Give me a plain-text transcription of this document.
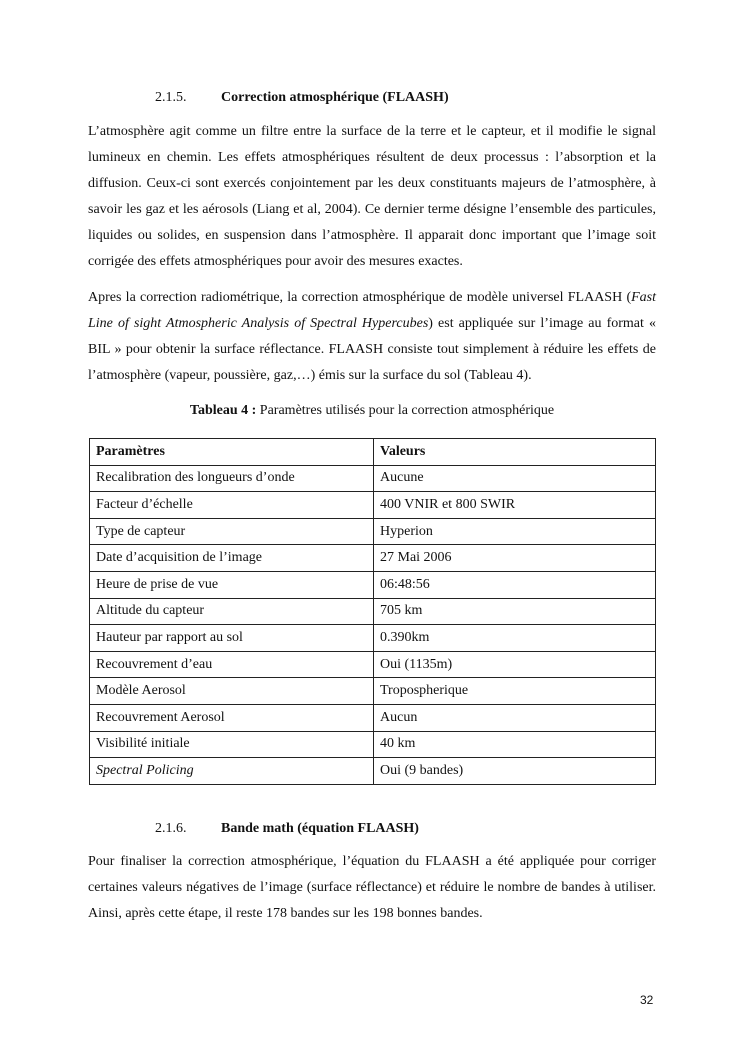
2.1.5. Correction atmosphérique (FLAASH)

L’atmosphère agit comme un filtre entre la surface de la terre et le capteur, et il modifie le signal lumineux en chemin. Les effets atmosphériques résultent de deux processus : l’absorption et la diffusion. Ceux-ci sont exercés conjointement par les deux constituants majeurs de l’atmosphère, à savoir les gaz et les aérosols (Liang et al, 2004). Ce dernier terme désigne l’ensemble des particules, liquides ou solides, en suspension dans l’atmosphère. Il apparait donc important que l’image soit corrigée des effets atmosphériques pour avoir des mesures exactes.

Apres la correction radiométrique, la correction atmosphérique de modèle universel FLAASH (Fast Line of sight Atmospheric Analysis of Spectral Hypercubes) est appliquée sur l’image au format « BIL » pour obtenir la surface réflectance. FLAASH consiste tout simplement à réduire les effets de l’atmosphère (vapeur, poussière, gaz,…) émis sur la surface du sol (Tableau 4).

Tableau 4 : Paramètres utilisés pour la correction atmosphérique
Paramètres	Valeurs
Recalibration des longueurs d’onde	Aucune
Facteur d’échelle	400 VNIR et 800 SWIR
Type de capteur	Hyperion
Date d’acquisition de l’image	27 Mai 2006
Heure de prise de vue	06:48:56
Altitude du capteur	705 km
Hauteur par rapport au sol	0.390km
Recouvrement d’eau	Oui (1135m)
Modèle Aerosol	Tropospherique
Recouvrement Aerosol	Aucun
Visibilité initiale	40 km
Spectral Policing	Oui (9 bandes)
2.1.6. Bande math (équation FLAASH)

Pour finaliser la correction atmosphérique, l’équation du FLAASH a été appliquée pour corriger certaines valeurs négatives de l’image (surface réflectance) et réduire le nombre de bandes à utiliser. Ainsi, après cette étape, il reste 178 bandes sur les 198 bonnes bandes.

32
